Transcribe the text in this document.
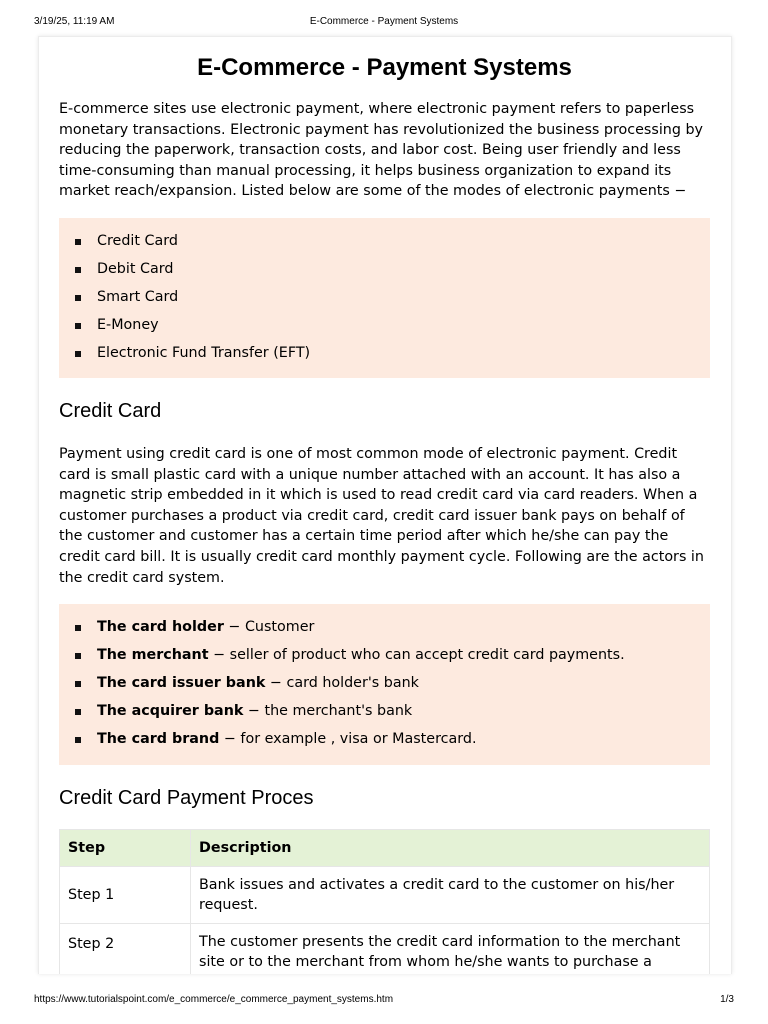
3/19/25, 11:19 AM	E-Commerce - Payment Systems
E-Commerce - Payment Systems

E-commerce sites use electronic payment, where electronic payment refers to paperless monetary transactions. Electronic payment has revolutionized the business processing by reducing the paperwork, transaction costs, and labor cost. Being user friendly and less time-consuming than manual processing, it helps business organization to expand its market reach/expansion. Listed below are some of the modes of electronic payments −

Credit Card
Debit Card
Smart Card
E-Money
Electronic Fund Transfer (EFT)
Credit Card

Payment using credit card is one of most common mode of electronic payment. Credit card is small plastic card with a unique number attached with an account. It has also a magnetic strip embedded in it which is used to read credit card via card readers. When a customer purchases a product via credit card, credit card issuer bank pays on behalf of the customer and customer has a certain time period after which he/she can pay the credit card bill. It is usually credit card monthly payment cycle. Following are the actors in the credit card system.

The card holder − Customer
The merchant − seller of product who can accept credit card payments.
The card issuer bank − card holder's bank
The acquirer bank − the merchant's bank
The card brand − for example , visa or Mastercard.
Credit Card Payment Proces
Step	Description
Step 1	Bank issues and activates a credit card to the customer on his/her request.
Step 2	The customer presents the credit card information to the merchant site or to the merchant from whom he/she wants to purchase a
https://www.tutorialspoint.com/e_commerce/e_commerce_payment_systems.htm	1/3
